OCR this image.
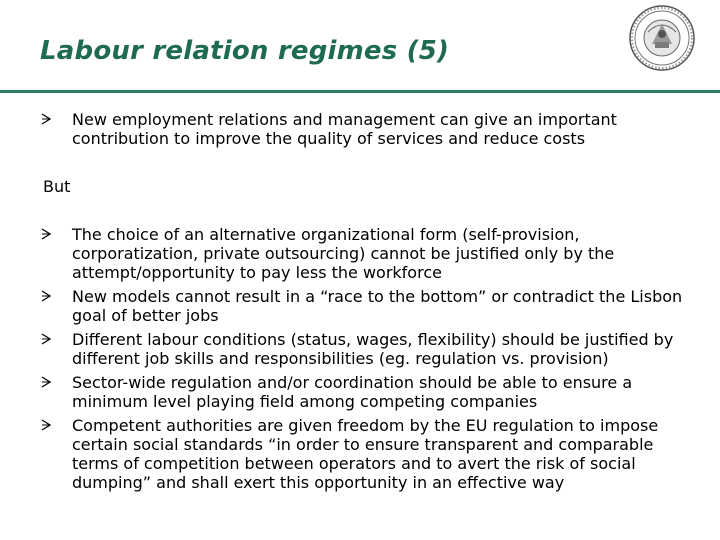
Labour relation regimes (5)
New employment relations and management can give an important contribution to improve the quality of services and reduce costs

But

The choice of an alternative organizational form (self-provision, corporatization, private outsourcing) cannot be justified only by the attempt/opportunity to pay less the workforce
New models cannot result in a “race to the bottom” or contradict the Lisbon goal of better jobs
Different labour conditions (status, wages, flexibility) should be justified by different job skills and responsibilities (eg. regulation vs. provision)
Sector-wide regulation and/or coordination should be able to ensure a minimum level playing field among competing companies
Competent authorities are given freedom by the EU regulation to impose certain social standards “in order to ensure transparent and comparable terms of competition between operators and to avert the risk of social dumping” and shall exert this opportunity in an effective way
